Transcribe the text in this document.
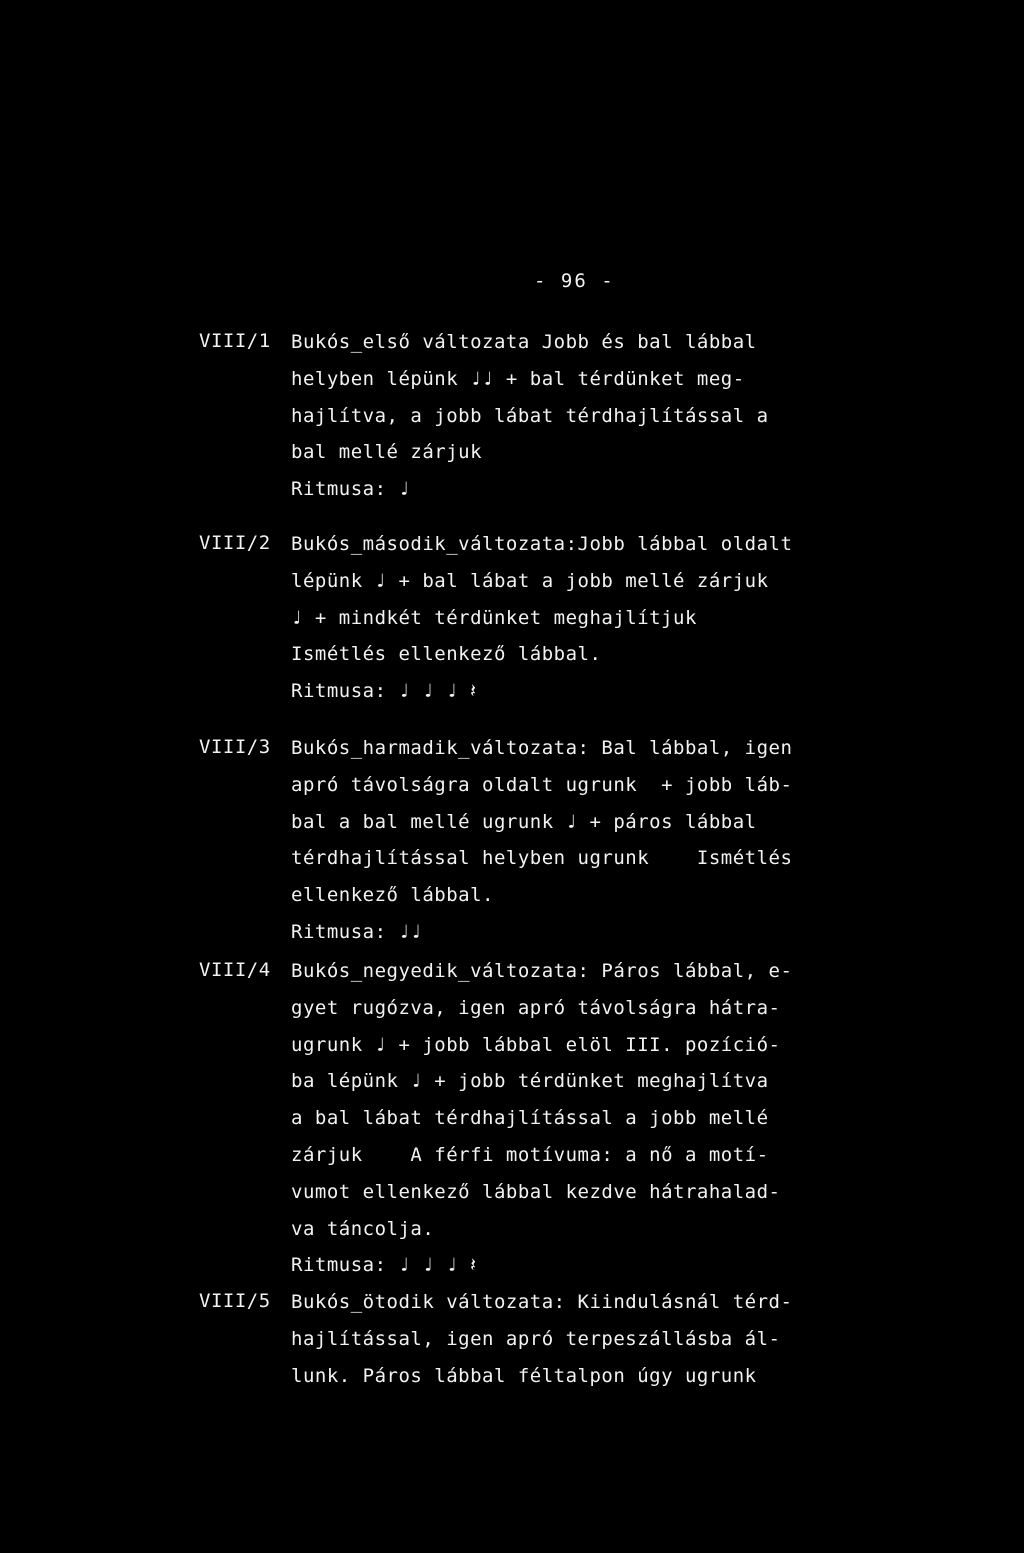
- 96 -
VIII/1 Bukós_első változata Jobb és bal lábbal
helyben lépünk ♩♩ + bal térdünket meg-
hajlítva, a jobb lábat térdhajlítással a
bal mellé zárjuk
Ritmusa: ♩
VIII/2 Bukós_második_változata:Jobb lábbal oldalt
lépünk ♩ + bal lábat a jobb mellé zárjuk
♩ + mindkét térdünket meghajlítjuk
Ismétlés ellenkező lábbal.
Ritmusa: ♩ ♩ ♩ 𝄽
VIII/3 Bukós_harmadik_változata: Bal lábbal, igen
apró távolságra oldalt ugrunk  + jobb láb-
bal a bal mellé ugrunk ♩ + páros lábbal
térdhajlítással helyben ugrunk    Ismétlés
ellenkező lábbal.
Ritmusa: ♩♩
VIII/4 Bukós_negyedik_változata: Páros lábbal, e-
gyet rugózva, igen apró távolságra hátra-
ugrunk ♩ + jobb lábbal elöl III. pozíció-
ba lépünk ♩ + jobb térdünket meghajlítva
a bal lábat térdhajlítással a jobb mellé
zárjuk    A férfi motívuma: a nő a motí-
vumot ellenkező lábbal kezdve hátrahalad-
va táncolja.
Ritmusa: ♩ ♩ ♩ 𝄽
VIII/5 Bukós_ötodik változata: Kiindulásnál térd-
hajlítással, igen apró terpeszállásba ál-
lunk. Páros lábbal féltalpon úgy ugrunk
